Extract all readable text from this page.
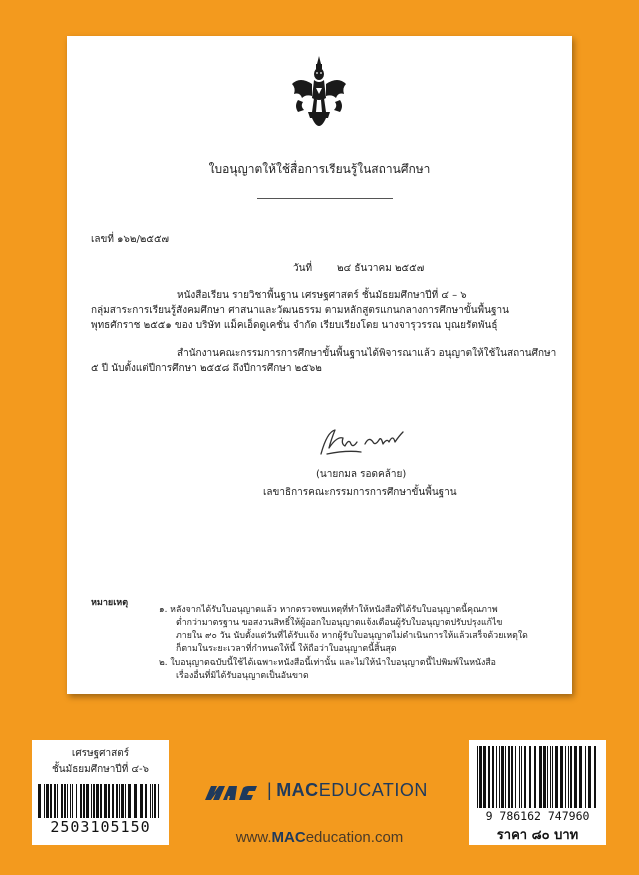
ใบอนุญาตให้ใช้สื่อการเรียนรู้ในสถานศึกษา
เลขที่ ๑๖๒/๒๕๕๗
วันที่ ๒๔ ธันวาคม ๒๕๕๗
หนังสือเรียน รายวิชาพื้นฐาน เศรษฐศาสตร์ ชั้นมัธยมศึกษาปีที่ ๔ – ๖
กลุ่มสาระการเรียนรู้สังคมศึกษา ศาสนาและวัฒนธรรม ตามหลักสูตรแกนกลางการศึกษาขั้นพื้นฐาน
พุทธศักราช ๒๕๕๑ ของ บริษัท แม็คเอ็ดดูเคชั่น จำกัด เรียบเรียงโดย นางจารุวรรณ บุณยรัตพันธุ์
สำนักงานคณะกรรมการการศึกษาขั้นพื้นฐานได้พิจารณาแล้ว อนุญาตให้ใช้ในสถานศึกษา
๕ ปี นับตั้งแต่ปีการศึกษา ๒๕๕๘ ถึงปีการศึกษา ๒๕๖๒
(นายกมล รอดคล้าย)
เลขาธิการคณะกรรมการการศึกษาขั้นพื้นฐาน
หมายเหตุ
๑. หลังจากได้รับใบอนุญาตแล้ว หากตรวจพบเหตุที่ทำให้หนังสือที่ได้รับใบอนุญาตนี้คุณภาพ
ต่ำกว่ามาตรฐาน ขอสงวนสิทธิ์ให้ผู้ออกใบอนุญาตแจ้งเตือนผู้รับใบอนุญาตปรับปรุงแก้ไข
ภายใน ๙๐ วัน นับตั้งแต่วันที่ได้รับแจ้ง หากผู้รับใบอนุญาตไม่ดำเนินการให้แล้วเสร็จด้วยเหตุใด
ก็ตามในระยะเวลาที่กำหนดให้นี้ ให้ถือว่าใบอนุญาตนี้สิ้นสุด
๒. ใบอนุญาตฉบับนี้ใช้ได้เฉพาะหนังสือนี้เท่านั้น และไม่ให้นำใบอนุญาตนี้ไปพิมพ์ในหนังสือ
เรื่องอื่นที่มิได้รับอนุญาตเป็นอันขาด
เศรษฐศาสตร์
ชั้นมัธยมศึกษาปีที่ ๔-๖
2503105150
| MACEDUCATION
www.MACeducation.com
9 786162 747960
ราคา ๘๐ บาท
